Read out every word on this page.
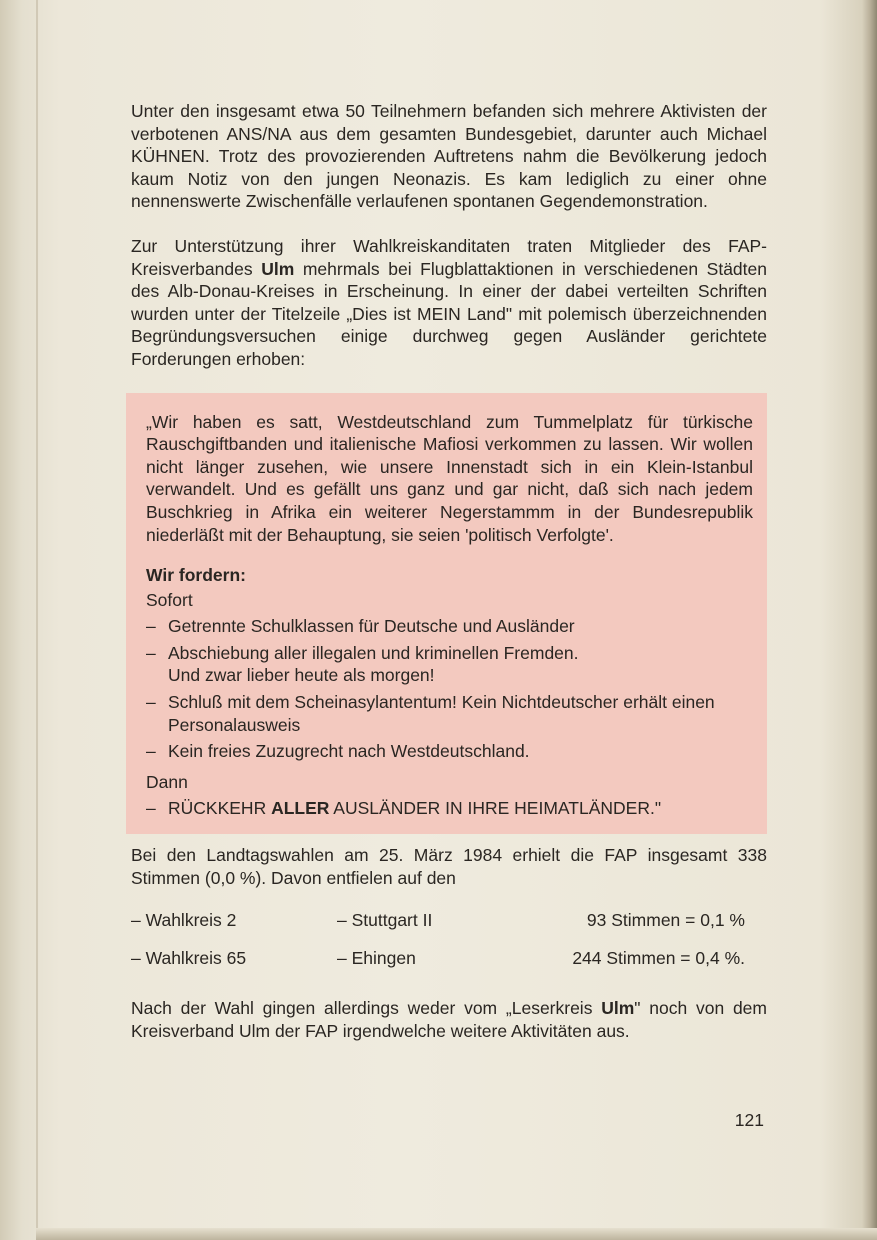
Unter den insgesamt etwa 50 Teilnehmern befanden sich mehrere Aktivisten der verbotenen ANS/NA aus dem gesamten Bundesgebiet, darunter auch Michael KÜHNEN. Trotz des provozierenden Auftretens nahm die Bevölkerung jedoch kaum Notiz von den jungen Neonazis. Es kam lediglich zu einer ohne nennenswerte Zwischenfälle verlaufenen spontanen Gegendemonstration.

Zur Unterstützung ihrer Wahlkreiskanditaten traten Mitglieder des FAP-Kreisverbandes Ulm mehrmals bei Flugblattaktionen in verschiedenen Städten des Alb-Donau-Kreises in Erscheinung. In einer der dabei verteilten Schriften wurden unter der Titelzeile „Dies ist MEIN Land" mit polemisch überzeichnenden Begründungsversuchen einige durchweg gegen Ausländer gerichtete Forderungen erhoben:

„Wir haben es satt, Westdeutschland zum Tummelplatz für türkische Rauschgiftbanden und italienische Mafiosi verkommen zu lassen. Wir wollen nicht länger zusehen, wie unsere Innenstadt sich in ein Klein-Istanbul verwandelt. Und es gefällt uns ganz und gar nicht, daß sich nach jedem Buschkrieg in Afrika ein weiterer Negerstammm in der Bundesrepublik niederläßt mit der Behauptung, sie seien 'politisch Verfolgte'.

Wir fordern:
Sofort
– Getrennte Schulklassen für Deutsche und Ausländer
– Abschiebung aller illegalen und kriminellen Fremden.
Und zwar lieber heute als morgen!
– Schluß mit dem Scheinasylantentum! Kein Nichtdeutscher erhält einen Personalausweis
– Kein freies Zuzugrecht nach Westdeutschland.
Dann
– RÜCKKEHR ALLER AUSLÄNDER IN IHRE HEIMATLÄNDER."

Bei den Landtagswahlen am 25. März 1984 erhielt die FAP insgesamt 338 Stimmen (0,0 %). Davon entfielen auf den

– Wahlkreis 2	– Stuttgart II	93 Stimmen = 0,1 %
– Wahlkreis 65	– Ehingen	244 Stimmen = 0,4 %.

Nach der Wahl gingen allerdings weder vom „Leserkreis Ulm" noch von dem Kreisverband Ulm der FAP irgendwelche weitere Aktivitäten aus.

121
